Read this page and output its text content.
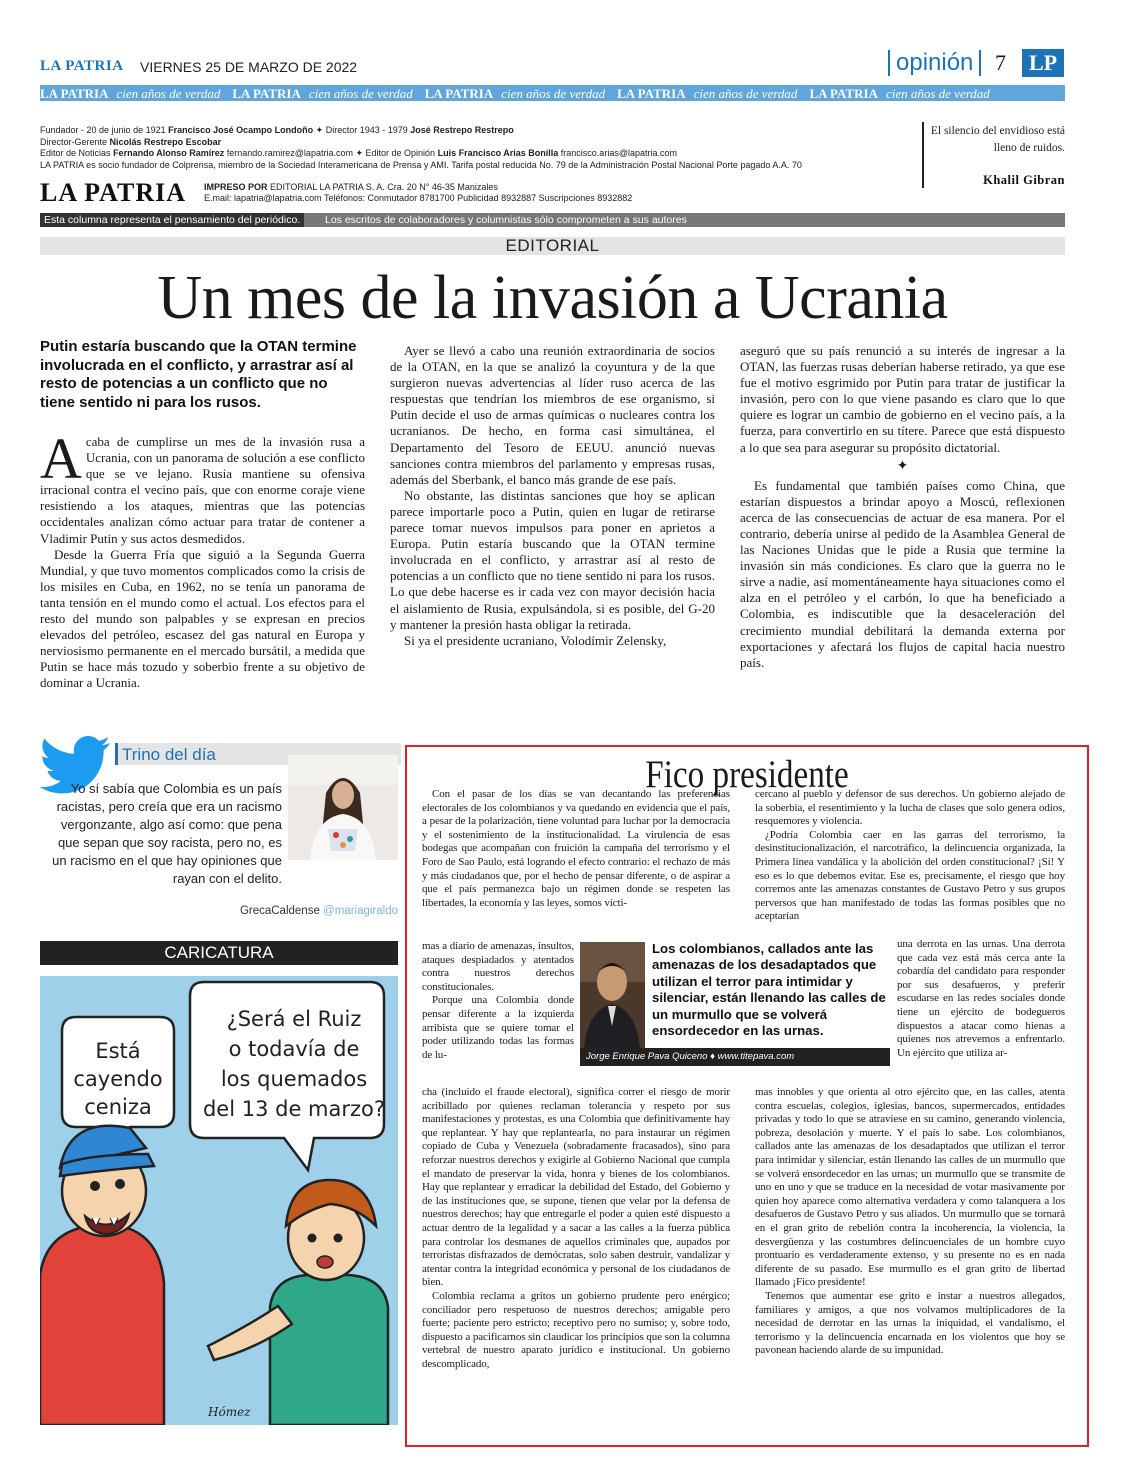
LA PATRIA VIERNES 25 DE MARZO DE 2022	opinión 7	LP
LA PATRIA cien años de verdad LA PATRIA cien años de verdad LA PATRIA cien años de verdad LA PATRIA cien años de verdad LA PATRIA cien años de verdad
Fundador - 20 de junio de 1921 Francisco José Ocampo Londoño ✦ Director 1943 - 1979 José Restrepo Restrepo
Director-Gerente Nicolás Restrepo Escobar
Editor de Noticias Fernando Alonso Ramírez fernando.ramirez@lapatria.com ✦ Editor de Opinión Luis Francisco Arias Bonilla francisco.arias@lapatria.com
LA PATRIA es socio fundador de Colprensa, miembro de la Sociedad Interamericana de Prensa y AMI. Tarifa postal reducida No. 79 de la Administración Postal Nacional Porte pagado A.A. 70
LA PATRIA IMPRESO POR EDITORIAL LA PATRIA S. A. Cra. 20 N° 46-35 Manizales
E.mail: lapatria@lapatria.com Teléfonos: Conmutador 8781700 Publicidad 8932887 Suscripciones 8932882
El silencio del envidioso está
lleno de ruidos.
Khalil Gibran
Esta columna representa el pensamiento del periódico.	Los escritos de colaboradores y columnistas sólo comprometen a sus autores
EDITORIAL
Un mes de la invasión a Ucrania
Putin estaría buscando que la OTAN termine involucrada en el conflicto, y arrastrar así al resto de potencias a un conflicto que no tiene sentido ni para los rusos.

Acaba de cumplirse un mes de la invasión rusa a Ucrania, con un panorama de solución a ese conflicto que se ve lejano. Rusia mantiene su ofensiva irracional contra el vecino país, que con enorme coraje viene resistiendo a los ataques, mientras que las potencias occidentales analizan cómo actuar para tratar de contener a Vladimir Putin y sus actos desmedidos.

Desde la Guerra Fría que siguió a la Segunda Guerra Mundial, y que tuvo momentos complicados como la crisis de los misiles en Cuba, en 1962, no se tenía un panorama de tanta tensión en el mundo como el actual. Los efectos para el resto del mundo son palpables y se expresan en precios elevados del petróleo, escasez del gas natural en Europa y nerviosismo permanente en el mercado bursátil, a medida que Putin se hace más tozudo y soberbio frente a su objetivo de dominar a Ucrania.

Ayer se llevó a cabo una reunión extraordinaria de socios de la OTAN, en la que se analizó la coyuntura y de la que surgieron nuevas advertencias al líder ruso acerca de las respuestas que tendrían los miembros de ese organismo, si Putin decide el uso de armas químicas o nucleares contra los ucranianos. De hecho, en forma casi simultánea, el Departamento del Tesoro de EEUU. anunció nuevas sanciones contra miembros del parlamento y empresas rusas, además del Sberbank, el banco más grande de ese país.

No obstante, las distintas sanciones que hoy se aplican parece importarle poco a Putin, quien en lugar de retirarse parece tomar nuevos impulsos para poner en aprietos a Europa. Putin estaría buscando que la OTAN termine involucrada en el conflicto, y arrastrar así al resto de potencias a un conflicto que no tiene sentido ni para los rusos. Lo que debe hacerse es ir cada vez con mayor decisión hacia el aislamiento de Rusia, expulsándola, si es posible, del G-20 y mantener la presión hasta obligar la retirada.

Si ya el presidente ucraniano, Volodímir Zelensky,

aseguró que su país renunció a su interés de ingresar a la OTAN, las fuerzas rusas deberían haberse retirado, ya que ese fue el motivo esgrimido por Putin para tratar de justificar la invasión, pero con lo que viene pasando es claro que lo que quiere es lograr un cambio de gobierno en el vecino país, a la fuerza, para convertirlo en su títere. Parece que está dispuesto a lo que sea para asegurar su propósito dictatorial.

✦

Es fundamental que también países como China, que estarían dispuestos a brindar apoyo a Moscú, reflexionen acerca de las consecuencias de actuar de esa manera. Por el contrario, debería unirse al pedido de la Asamblea General de las Naciones Unidas que le pide a Rusia que termine la invasión sin más condiciones. Es claro que la guerra no le sirve a nadie, así momentáneamente haya situaciones como el alza en el petróleo y el carbón, lo que ha beneficiado a Colombia, es indiscutible que la desaceleración del crecimiento mundial debilitará la demanda externa por exportaciones y afectará los flujos de capital hacia nuestro país.

Trino del día
Yo sí sabía que Colombia es un país racistas, pero creía que era un racismo vergonzante, algo así como: que pena que sepan que soy racista, pero no, es un racismo en el que hay opiniones que rayan con el delito.
GrecaCaldense @mariagiraldo
CARICATURA
Está
cayendo
ceniza
¿Será el Ruiz
o todavía de
los quemados
del 13 de marzo?
Hómez
Fico presidente

Con el pasar de los días se van decantando las preferencias electorales de los colombianos y va quedando en evidencia que el país, a pesar de la polarización, tiene voluntad para luchar por la democracia y el sostenimiento de la institucionalidad. La virulencia de esas bodegas que acompañan con fruición la campaña del terrorismo y el Foro de Sao Paulo, está logrando el efecto contrario: el rechazo de más y más ciudadanos que, por el hecho de pensar diferente, o de aspirar a que el país permanezca bajo un régimen donde se respeten las libertades, la economía y las leyes, somos vícti-

mas a diario de amenazas, insultos, ataques despiadados y atentados contra nuestros derechos constitucionales.

Porque una Colombia donde pensar diferente a la izquierda arribista que se quiere tomar el poder utilizando todas las formas de lu-

cha (incluido el fraude electoral), significa correr el riesgo de morir acribillado por quienes reclaman tolerancia y respeto por sus manifestaciones y protestas, es una Colombia que definitivamente hay que replantear. Y hay que replantearla, no para instaurar un régimen copiado de Cuba y Venezuela (sobradamente fracasados), sino para reforzar nuestros derechos y exigirle al Gobierno Nacional que cumpla el mandato de preservar la vida, honra y bienes de los colombianos. Hay que replantear y erradicar la debilidad del Estado, del Gobierno y de las instituciones que, se supone, tienen que velar por la defensa de nuestros derechos; hay que entregarle el poder a quien esté dispuesto a actuar dentro de la legalidad y a sacar a las calles a la fuerza pública para controlar los desmanes de aquellos criminales que, aupados por terroristas disfrazados de demócratas, solo saben destruir, vandalizar y atentar contra la integridad económica y personal de los ciudadanos de bien.

Colombia reclama a gritos un gobierno prudente pero enérgico; conciliador pero respetuoso de nuestros derechos; amigable pero fuerte; paciente pero estricto; receptivo pero no sumiso; y, sobre todo, dispuesto a pacificarnos sin claudicar los principios que son la columna vertebral de nuestro aparato jurídico e institucional. Un gobierno descomplicado,

cercano al pueblo y defensor de sus derechos. Un gobierno alejado de la soberbia, el resentimiento y la lucha de clases que solo genera odios, resquemores y violencia.

¿Podría Colombia caer en las garras del terrorismo, la desinstitucionalización, el narcotráfico, la delincuencia organizada, la Primera línea vandálica y la abolición del orden constitucional? ¡Sí! Y eso es lo que debemos evitar. Ese es, precisamente, el riesgo que hoy corremos ante las amenazas constantes de Gustavo Petro y sus grupos perversos que han manifestado de todas las formas posibles que no aceptarían

una derrota en las urnas. Una derrota que cada vez está más cerca ante la cobardía del candidato para responder por sus desafueros, y preferir escudarse en las redes sociales donde tiene un ejército de bodegueros dispuestos a atacar como hienas a quienes nos atrevemos a enfrentarlo. Un ejército que utiliza ar-

mas innobles y que orienta al otro ejército que, en las calles, atenta contra escuelas, colegios, iglesias, bancos, supermercados, entidades privadas y todo lo que se atraviese en su camino, generando violencia, pobreza, desolación y muerte. Y el país lo sabe. Los colombianos, callados ante las amenazas de los desadaptados que utilizan el terror para intimidar y silenciar, están llenando las calles de un murmullo que se volverá ensordecedor en las urnas; un murmullo que se transmite de uno en uno y que se traduce en la necesidad de votar masivamente por quien hoy aparece como alternativa verdadera y como talanquera a los desafueros de Gustavo Petro y sus aliados. Un murmullo que se tornará en el gran grito de rebelión contra la incoherencia, la violencia, la desvergüenza y las costumbres delincuenciales de un hombre cuyo prontuario es verdaderamente extenso, y su presente no es en nada diferente de su pasado. Ese murmullo es el gran grito de libertad llamado ¡Fico presidente!

Tenemos que aumentar ese grito e instar a nuestros allegados, familiares y amigos, a que nos volvamos multiplicadores de la necesidad de derrotar en las urnas la iniquidad, el vandalismo, el terrorismo y la delincuencia encarnada en los violentos que hoy se pavonean haciendo alarde de su impunidad.

Los colombianos, callados ante las amenazas de los desadaptados que utilizan el terror para intimidar y silenciar, están llenando las calles de un murmullo que se volverá ensordecedor en las urnas.
Jorge Enrique Pava Quiceno ♦ www.titepava.com
